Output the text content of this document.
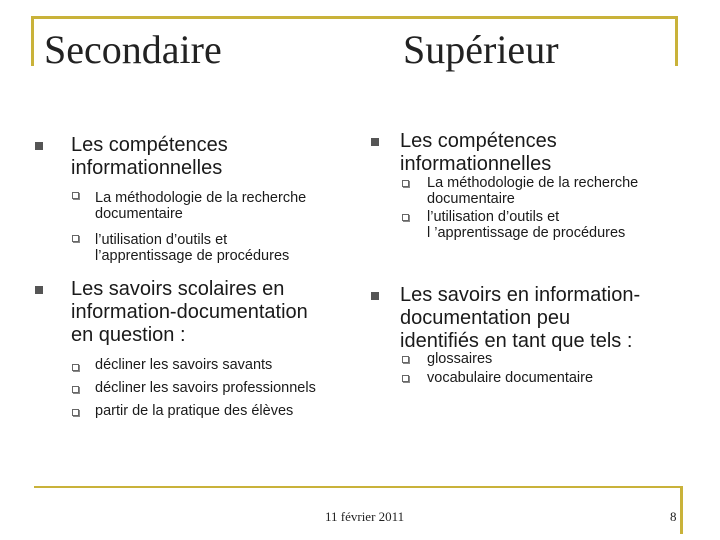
Secondaire	Supérieur
Les compétences
informationnelles
La méthodologie de la recherche
documentaire
l’utilisation d’outils et
l’apprentissage de procédures
Les savoirs scolaires en
information-documentation
en question :
décliner les savoirs savants
décliner les savoirs professionnels
partir de la pratique des élèves
Les compétences
informationnelles
La méthodologie de la recherche
documentaire
l’utilisation d’outils et
l ’apprentissage de procédures
Les savoirs en information-
documentation peu
identifiés en tant que tels :
glossaires
vocabulaire documentaire
11 février 2011	8
